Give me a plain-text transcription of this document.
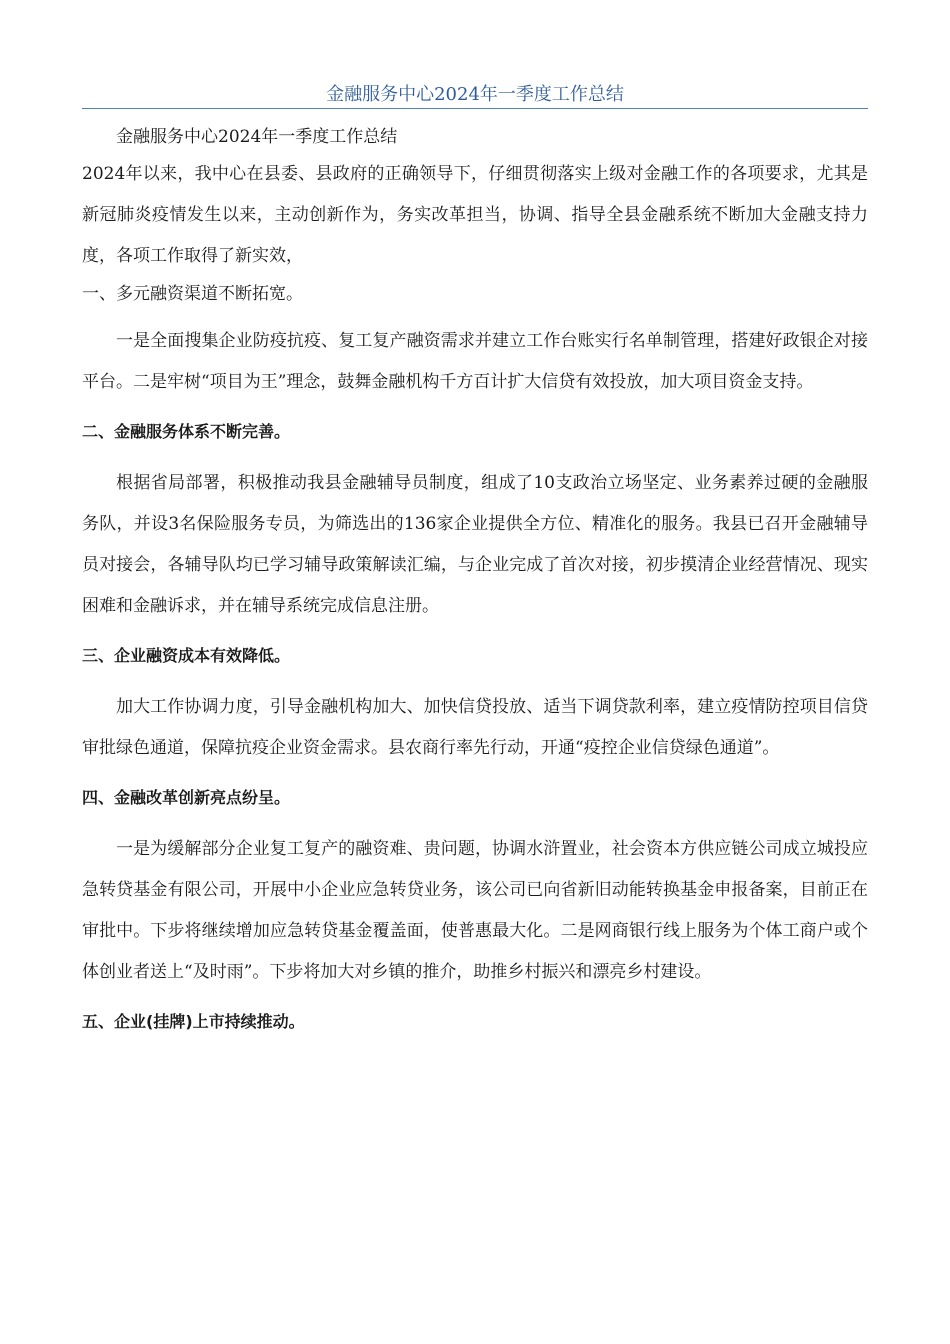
金融服务中心2024年一季度工作总结

金融服务中心2024年一季度工作总结

2024年以来，我中心在县委、县政府的正确领导下，仔细贯彻落实上级对金融工作的各项要求，尤其是新冠肺炎疫情发生以来，主动创新作为，务实改革担当，协调、指导全县金融系统不断加大金融支持力度，各项工作取得了新实效，

一、多元融资渠道不断拓宽。

一是全面搜集企业防疫抗疫、复工复产融资需求并建立工作台账实行名单制管理，搭建好政银企对接平台。二是牢树“项目为王”理念，鼓舞金融机构千方百计扩大信贷有效投放，加大项目资金支持。

二、金融服务体系不断完善。

根据省局部署，积极推动我县金融辅导员制度，组成了10支政治立场坚定、业务素养过硬的金融服务队，并设3名保险服务专员，为筛选出的136家企业提供全方位、精准化的服务。我县已召开金融辅导员对接会，各辅导队均已学习辅导政策解读汇编，与企业完成了首次对接，初步摸清企业经营情况、现实困难和金融诉求，并在辅导系统完成信息注册。

三、企业融资成本有效降低。

加大工作协调力度，引导金融机构加大、加快信贷投放、适当下调贷款利率，建立疫情防控项目信贷审批绿色通道，保障抗疫企业资金需求。县农商行率先行动，开通“疫控企业信贷绿色通道”。

四、金融改革创新亮点纷呈。

一是为缓解部分企业复工复产的融资难、贵问题，协调水浒置业，社会资本方供应链公司成立城投应急转贷基金有限公司，开展中小企业应急转贷业务，该公司已向省新旧动能转换基金申报备案，目前正在审批中。下步将继续增加应急转贷基金覆盖面，使普惠最大化。二是网商银行线上服务为个体工商户或个体创业者送上“及时雨”。下步将加大对乡镇的推介，助推乡村振兴和漂亮乡村建设。

五、企业(挂牌)上市持续推动。
